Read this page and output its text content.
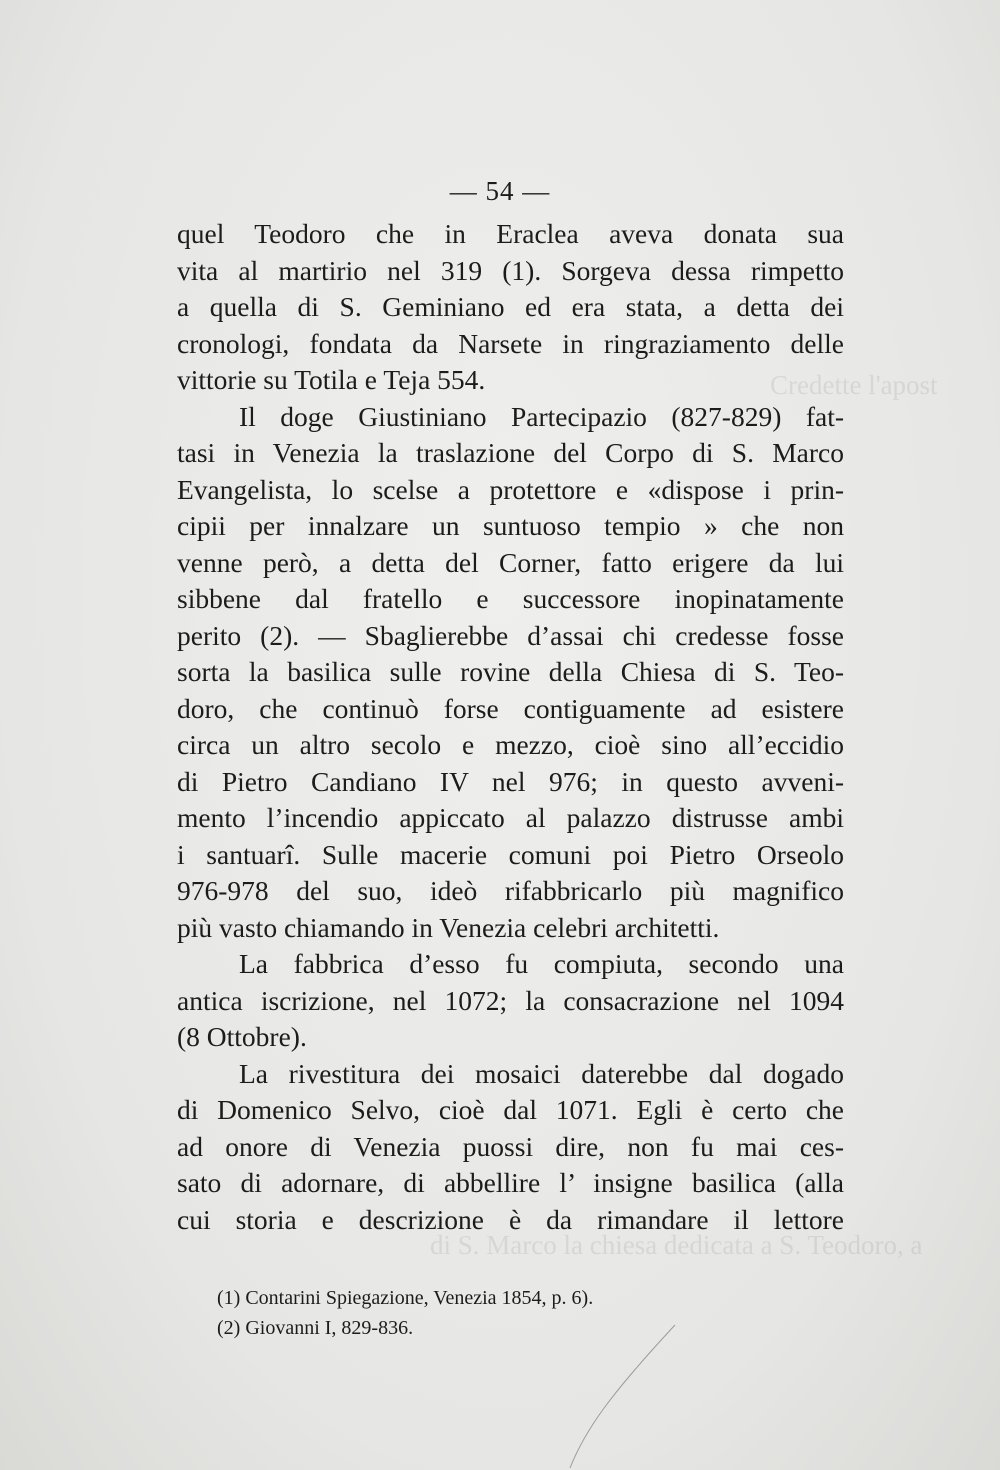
Credette l'apost
di S. Marco la chiesa dedicata a S. Teodoro, a
— 54 —
quel Teodoro che in Eraclea aveva donata sua
vita al martirio nel 319 (1). Sorgeva dessa rimpetto
a quella di S. Geminiano ed era stata, a detta dei
cronologi, fondata da Narsete in ringraziamento delle
vittorie su Totila e Teja 554.
Il doge Giustiniano Partecipazio (827-829) fat-
tasi in Venezia la traslazione del Corpo di S. Marco
Evangelista, lo scelse a protettore e «dispose i prin-
cipii per innalzare un suntuoso tempio » che non
venne però, a detta del Corner, fatto erigere da lui
sibbene dal fratello e successore inopinatamente
perito (2). — Sbaglierebbe d’assai chi credesse fosse
sorta la basilica sulle rovine della Chiesa di S. Teo-
doro, che continuò forse contiguamente ad esistere
circa un altro secolo e mezzo, cioè sino all’eccidio
di Pietro Candiano IV nel 976; in questo avveni-
mento l’incendio appiccato al palazzo distrusse ambi
i santuarî. Sulle macerie comuni poi Pietro Orseolo
976-978 del suo, ideò rifabbricarlo più magnifico
più vasto chiamando in Venezia celebri architetti.
La fabbrica d’esso fu compiuta, secondo una
antica iscrizione, nel 1072; la consacrazione nel 1094
(8 Ottobre).
La rivestitura dei mosaici daterebbe dal dogado
di Domenico Selvo, cioè dal 1071. Egli è certo che
ad onore di Venezia puossi dire, non fu mai ces-
sato di adornare, di abbellire l’ insigne basilica (alla
cui storia e descrizione è da rimandare il lettore
(1) Contarini Spiegazione, Venezia 1854, p. 6).
(2) Giovanni I, 829-836.
